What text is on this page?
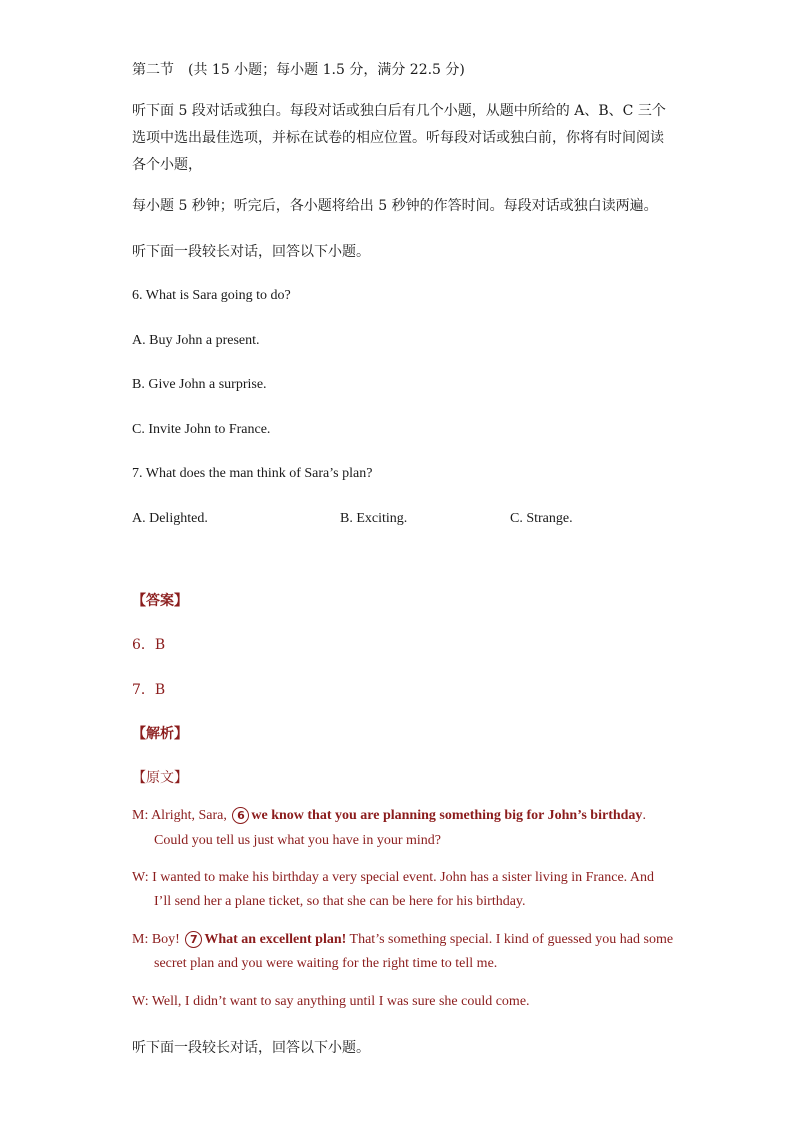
第二节　(共 15 小题；每小题 1.5 分，满分 22.5 分)
听下面 5 段对话或独白。每段对话或独白后有几个小题，从题中所给的 A、B、C 三个
选项中选出最佳选项，并标在试卷的相应位置。听每段对话或独白前，你将有时间阅读
各个小题，
每小题 5 秒钟；听完后，各小题将给出 5 秒钟的作答时间。每段对话或独白读两遍。
听下面一段较长对话，回答以下小题。
6. What is Sara going to do?
A. Buy John a present.
B. Give John a surprise.
C. Invite John to France.
7. What does the man think of Sara’s plan?
A. Delighted.	B. Exciting.	C. Strange.
【答案】
6．B
7．B
【解析】
【原文】
M: Alright, Sara, 6 we know that you are planning something big for John’s birthday.
Could you tell us just what you have in your mind?
W: I wanted to make his birthday a very special event. John has a sister living in France. And
I’ll send her a plane ticket, so that she can be here for his birthday.
M: Boy! 7 What an excellent plan! That’s something special. I kind of guessed you had some
secret plan and you were waiting for the right time to tell me.
W: Well, I didn’t want to say anything until I was sure she could come.
听下面一段较长对话，回答以下小题。
